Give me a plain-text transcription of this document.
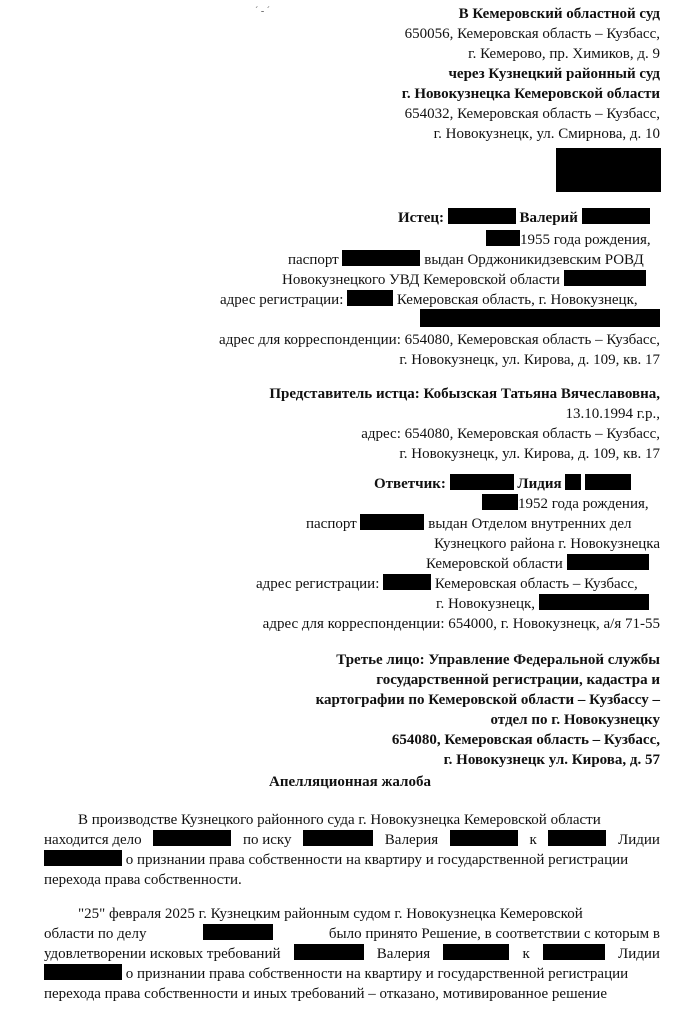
´ - ´	В Кемеровский областной суд
650056, Кемеровская область – Кузбасс,
г. Кемерово, пр. Химиков, д. 9
через Кузнецкий районный суд
г. Новокузнецка Кемеровской области
654032, Кемеровская область – Кузбасс,
г. Новокузнецк, ул. Смирнова, д. 10
Истец:	Валерий
1955 года рождения,
паспорт	выдан Орджоникидзевским РОВД
Новокузнецкого УВД Кемеровской области
адрес регистрации:	Кемеровская область, г. Новокузнецк,
адрес для корреспонденции: 654080, Кемеровская область – Кузбасс,
г. Новокузнецк, ул. Кирова, д. 109, кв. 17
Представитель истца: Кобызская Татьяна Вячеславовна,
13.10.1994 г.р.,
адрес: 654080, Кемеровская область – Кузбасс,
г. Новокузнецк, ул. Кирова, д. 109, кв. 17
Ответчик:	Лидия
1952 года рождения,
паспорт	выдан Отделом внутренних дел
Кузнецкого района г. Новокузнецка
Кемеровской области
адрес регистрации:	Кемеровская область – Кузбасс,
г. Новокузнецк,
адрес для корреспонденции: 654000, г. Новокузнецк, а/я 71-55
Третье лицо: Управление Федеральной службы
государственной регистрации, кадастра и
картографии по Кемеровской области – Кузбассу –
отдел по г. Новокузнецку
654080, Кемеровская область – Кузбасс,
г. Новокузнецк ул. Кирова, д. 57
Апелляционная жалоба
В производстве Кузнецкого районного суда г. Новокузнецка Кемеровской области
находится дело	по иску	Валерия	к	Лидии
о признании права собственности на квартиру и государственной регистрации
перехода права собственности.
"25" февраля 2025 г. Кузнецким районным судом г. Новокузнецка Кемеровской
области по делу	было принято Решение, в соответствии с которым в
удовлетворении исковых требований	Валерия	к	Лидии
о признании права собственности на квартиру и государственной регистрации
перехода права собственности и иных требований – отказано, мотивированное решение
